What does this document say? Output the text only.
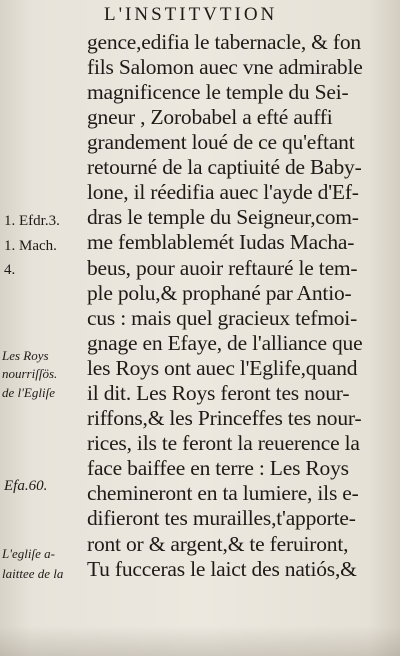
L'INSTITVTION
gence,edifia le tabernacle, & fon
fils Salomon auec vne admirable
magnificence le temple du Sei-
gneur , Zorobabel a efté auffi
grandement loué de ce qu'eftant
retourné de la captiuité de Baby-
lone, il réedifia auec l'ayde d'Ef-
dras le temple du Seigneur,com-
me femblablemét Iudas Macha-
beus, pour auoir reftauré le tem-
ple polu,& prophané par Antio-
cus : mais quel gracieux tefmoi-
gnage en Efaye, de l'alliance que
les Roys ont auec l'Eglife,quand
il dit. Les Roys feront tes nour-
riffons,& les Princeffes tes nour-
rices, ils te feront la reuerence la
face baiffee en terre : Les Roys
chemineront en ta lumiere, ils e-
difieront tes murailles,t'apporte-
ront or & argent,& te feruiront,
Tu fucceras le laict des natiós,&
1. Efdr.3.
1. Mach.
4.
Efa.60.
Les Roys
nourriſſös.
de l'Egliſe
L'egliſe a-
laittee de la
